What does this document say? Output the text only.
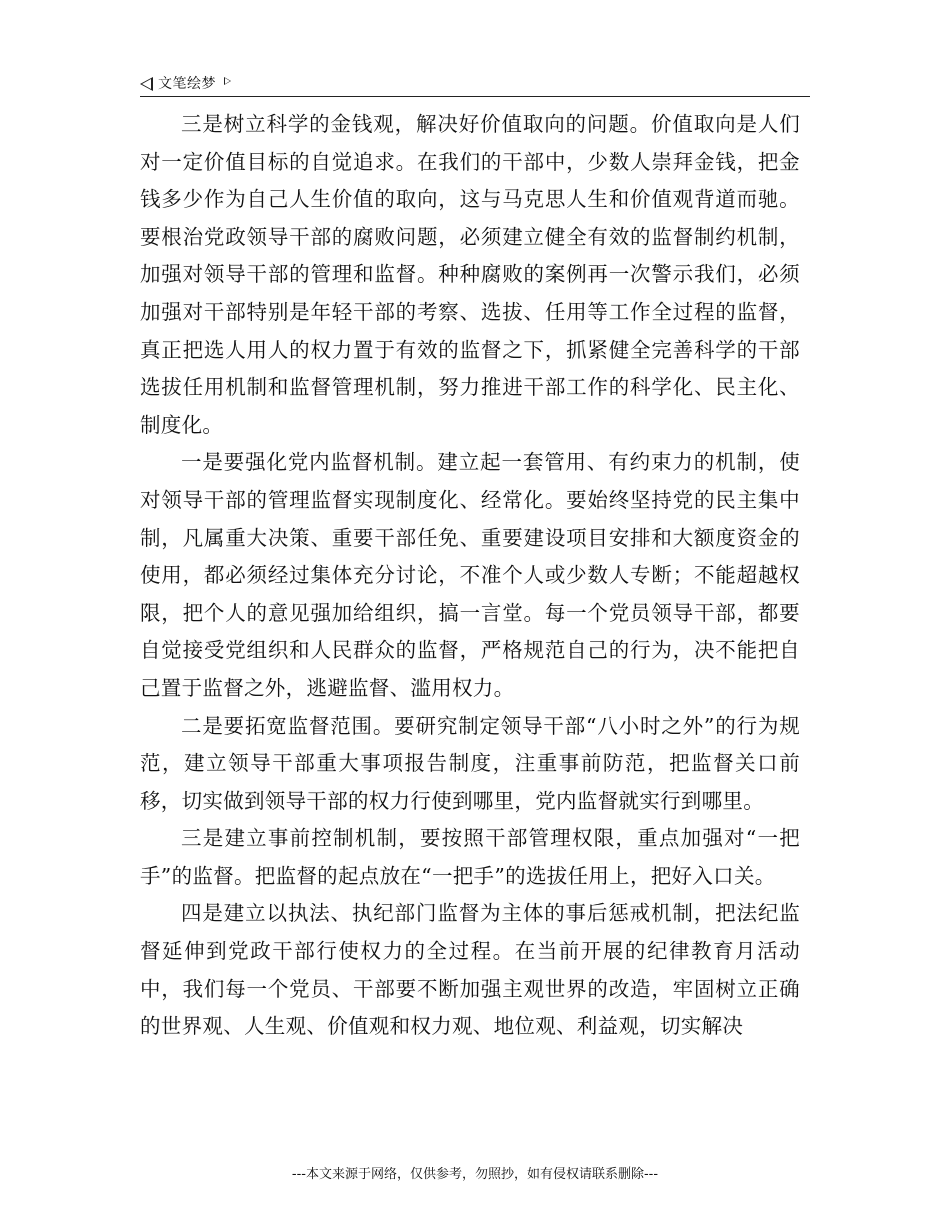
文笔绘梦

三是树立科学的金钱观，解决好价值取向的问题。价值取向是人们对一定价值目标的自觉追求。在我们的干部中，少数人崇拜金钱，把金钱多少作为自己人生价值的取向，这与马克思人生和价值观背道而驰。要根治党政领导干部的腐败问题，必须建立健全有效的监督制约机制，加强对领导干部的管理和监督。种种腐败的案例再一次警示我们，必须加强对干部特别是年轻干部的考察、选拔、任用等工作全过程的监督，真正把选人用人的权力置于有效的监督之下，抓紧健全完善科学的干部选拔任用机制和监督管理机制，努力推进干部工作的科学化、民主化、制度化。

一是要强化党内监督机制。建立起一套管用、有约束力的机制，使对领导干部的管理监督实现制度化、经常化。要始终坚持党的民主集中制，凡属重大决策、重要干部任免、重要建设项目安排和大额度资金的使用，都必须经过集体充分讨论，不准个人或少数人专断；不能超越权限，把个人的意见强加给组织，搞一言堂。每一个党员领导干部，都要自觉接受党组织和人民群众的监督，严格规范自己的行为，决不能把自己置于监督之外，逃避监督、滥用权力。

二是要拓宽监督范围。要研究制定领导干部“八小时之外”的行为规范，建立领导干部重大事项报告制度，注重事前防范，把监督关口前移，切实做到领导干部的权力行使到哪里，党内监督就实行到哪里。

三是建立事前控制机制，要按照干部管理权限，重点加强对“一把手”的监督。把监督的起点放在“一把手”的选拔任用上，把好入口关。

四是建立以执法、执纪部门监督为主体的事后惩戒机制，把法纪监督延伸到党政干部行使权力的全过程。在当前开展的纪律教育月活动中，我们每一个党员、干部要不断加强主观世界的改造，牢固树立正确的世界观、人生观、价值观和权力观、地位观、利益观，切实解决

---本文来源于网络，仅供参考，勿照抄，如有侵权请联系删除---
